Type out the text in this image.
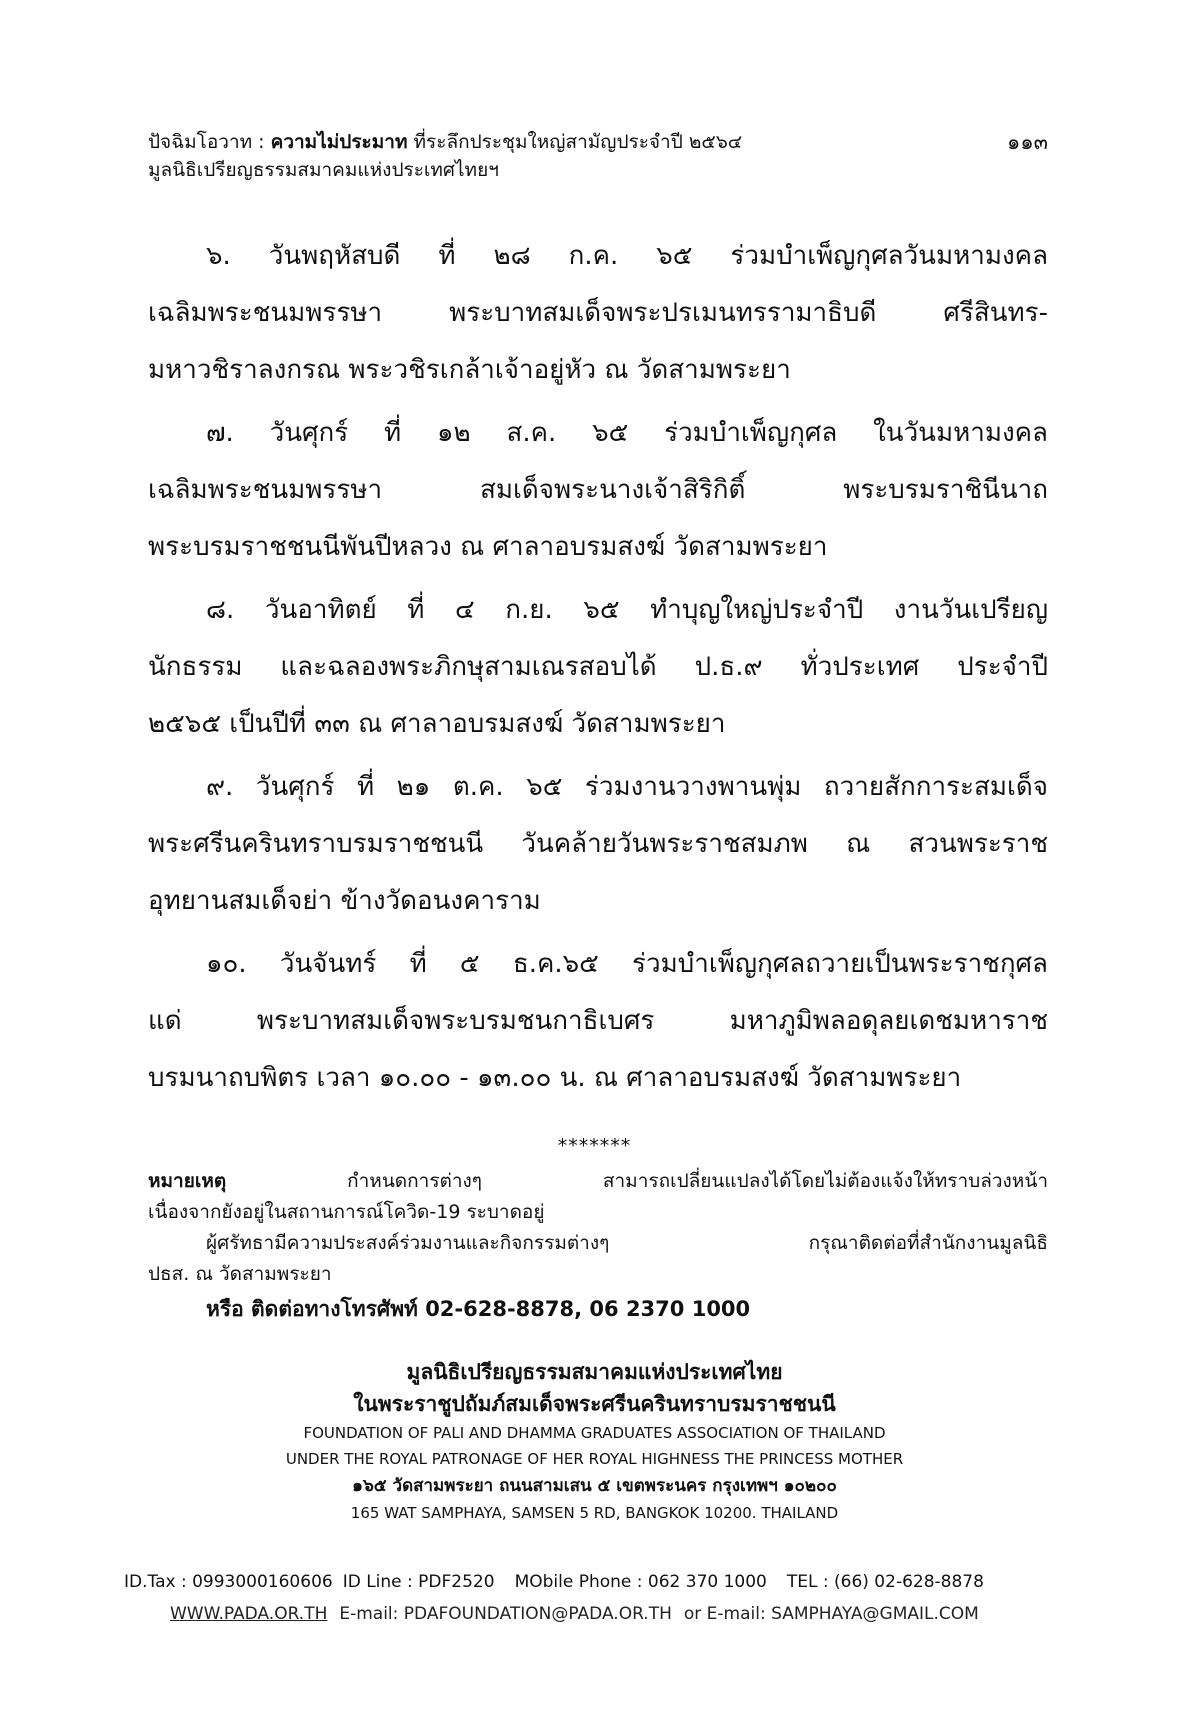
ปัจฉิมโอวาท : ความไม่ประมาท ที่ระลึกประชุมใหญ่สามัญประจำปี ๒๕๖๔
มูลนิธิเปรียญธรรมสมาคมแห่งประเทศไทยฯ
๑๑๓
๖. วันพฤหัสบดี ที่ ๒๘ ก.ค. ๖๕ ร่วมบำเพ็ญกุศลวันมหามงคล
เฉลิมพระชนมพรรษา พระบาทสมเด็จพระปรเมนทรรามาธิบดี ศรีสินทร-
มหาวชิราลงกรณ พระวชิรเกล้าเจ้าอยู่หัว ณ วัดสามพระยา
๗. วันศุกร์ ที่ ๑๒ ส.ค. ๖๕ ร่วมบำเพ็ญกุศล ในวันมหามงคล
เฉลิมพระชนมพรรษา สมเด็จพระนางเจ้าสิริกิติ์ พระบรมราชินีนาถ
พระบรมราชชนนีพันปีหลวง ณ ศาลาอบรมสงฆ์ วัดสามพระยา
๘. วันอาทิตย์ ที่ ๔ ก.ย. ๖๕ ทำบุญใหญ่ประจำปี งานวันเปรียญ
นักธรรม และฉลองพระภิกษุสามเณรสอบได้ ป.ธ.๙ ทั่วประเทศ ประจำปี
๒๕๖๕ เป็นปีที่ ๓๓ ณ ศาลาอบรมสงฆ์ วัดสามพระยา
๙. วันศุกร์ ที่ ๒๑ ต.ค. ๖๕ ร่วมงานวางพานพุ่ม ถวายสักการะสมเด็จ
พระศรีนครินทราบรมราชชนนี วันคล้ายวันพระราชสมภพ ณ สวนพระราช
อุทยานสมเด็จย่า ข้างวัดอนงคาราม
๑๐. วันจันทร์ ที่ ๕ ธ.ค.๖๕ ร่วมบำเพ็ญกุศลถวายเป็นพระราชกุศล
แด่ พระบาทสมเด็จพระบรมชนกาธิเบศร มหาภูมิพลอดุลยเดชมหาราช
บรมนาถบพิตร เวลา ๑๐.๐๐ - ๑๓.๐๐ น. ณ ศาลาอบรมสงฆ์ วัดสามพระยา
*******
หมายเหตุ กำหนดการต่างๆ สามารถเปลี่ยนแปลงได้โดยไม่ต้องแจ้งให้ทราบล่วงหน้า
เนื่องจากยังอยู่ในสถานการณ์โควิด-19 ระบาดอยู่
ผู้ศรัทธามีความประสงค์ร่วมงานและกิจกรรมต่างๆ กรุณาติดต่อที่สำนักงานมูลนิธิ
ปธส. ณ วัดสามพระยา
หรือ ติดต่อทางโทรศัพท์ 02-628-8878, 06 2370 1000
มูลนิธิเปรียญธรรมสมาคมแห่งประเทศไทย
ในพระราชูปถัมภ์สมเด็จพระศรีนครินทราบรมราชชนนี
FOUNDATION OF PALI AND DHAMMA GRADUATES ASSOCIATION OF THAILAND
UNDER THE ROYAL PATRONAGE OF HER ROYAL HIGHNESS THE PRINCESS MOTHER
๑๖๕ วัดสามพระยา ถนนสามเสน ๕ เขตพระนคร กรุงเทพฯ ๑๐๒๐๐
165 WAT SAMPHAYA, SAMSEN 5 RD, BANGKOK 10200. THAILAND
ID.Tax : 0993000160606 ID Line : PDF2520 MObile Phone : 062 370 1000 TEL : (66) 02-628-8878
WWW.PADA.OR.TH E-mail: PDAFOUNDATION@PADA.OR.TH or E-mail: SAMPHAYA@GMAIL.COM
